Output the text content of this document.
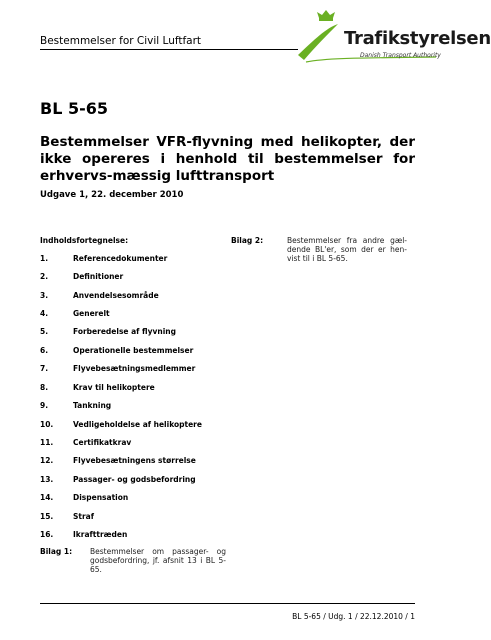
Bestemmelser for Civil Luftfart	Trafikstyrelsen
Danish Transport Authority
BL 5-65
Bestemmelser VFR-flyvning med helikopter, der ikke opereres i henhold til bestemmelser for erhvervs-mæssig lufttransport
Udgave 1, 22. december 2010
Indholdsfortegnelse:
1.	Referencedokumenter
2.	Definitioner
3.	Anvendelsesområde
4.	Generelt
5.	Forberedelse af flyvning
6.	Operationelle bestemmelser
7.	Flyvebesætningsmedlemmer
8.	Krav til helikoptere
9.	Tankning
10.	Vedligeholdelse af helikoptere
11.	Certifikatkrav
12.	Flyvebesætningens størrelse
13.	Passager- og godsbefordring
14.	Dispensation
15.	Straf
16.	Ikrafttræden
Bilag 1: Bestemmelser om passager- og godsbefordring, jf. afsnit 13 i BL 5-65.
Bilag 2:	Bestemmelser fra andre gæl-dende BL'er, som der er hen-vist til i BL 5-65.
BL 5-65 / Udg. 1 / 22.12.2010 / 1
